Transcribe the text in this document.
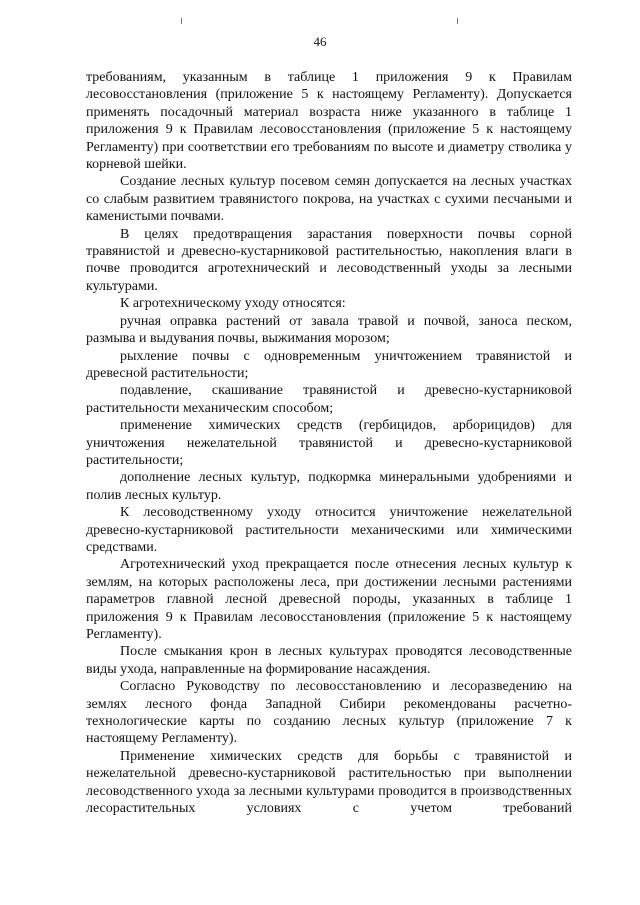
46

требованиям, указанным в таблице 1 приложения 9 к Правилам лесовосстановления (приложение 5 к настоящему Регламенту). Допускается применять посадочный материал возраста ниже указанного в таблице 1 приложения 9 к Правилам лесовосстановления (приложение 5 к настоящему Регламенту) при соответствии его требованиям по высоте и диаметру стволика у корневой шейки.

Создание лесных культур посевом семян допускается на лесных участках со слабым развитием травянистого покрова, на участках с сухими песчаными и каменистыми почвами.

В целях предотвращения зарастания поверхности почвы сорной травянистой и древесно-кустарниковой растительностью, накопления влаги в почве проводится агротехнический и лесоводственный уходы за лесными культурами.

К агротехническому уходу относятся:

ручная оправка растений от завала травой и почвой, заноса песком, размыва и выдувания почвы, выжимания морозом;

рыхление почвы с одновременным уничтожением травянистой и древесной растительности;

подавление, скашивание травянистой и древесно-кустарниковой растительности механическим способом;

применение химических средств (гербицидов, арборицидов) для уничтожения нежелательной травянистой и древесно-кустарниковой растительности;

дополнение лесных культур, подкормка минеральными удобрениями и полив лесных культур.

К лесоводственному уходу относится уничтожение нежелательной древесно-кустарниковой растительности механическими или химическими средствами.

Агротехнический уход прекращается после отнесения лесных культур к землям, на которых расположены леса, при достижении лесными растениями параметров главной лесной древесной породы, указанных в таблице 1 приложения 9 к Правилам лесовосстановления (приложение 5 к настоящему Регламенту).

После смыкания крон в лесных культурах проводятся лесоводственные виды ухода, направленные на формирование насаждения.

Согласно Руководству по лесовосстановлению и лесоразведению на землях лесного фонда Западной Сибири рекомендованы расчетно-технологические карты по созданию лесных культур (приложение 7 к настоящему Регламенту).

Применение химических средств для борьбы с травянистой и нежелательной древесно-кустарниковой растительностью при выполнении лесоводственного ухода за лесными культурами проводится в производственных лесорастительных условиях с учетом требований
